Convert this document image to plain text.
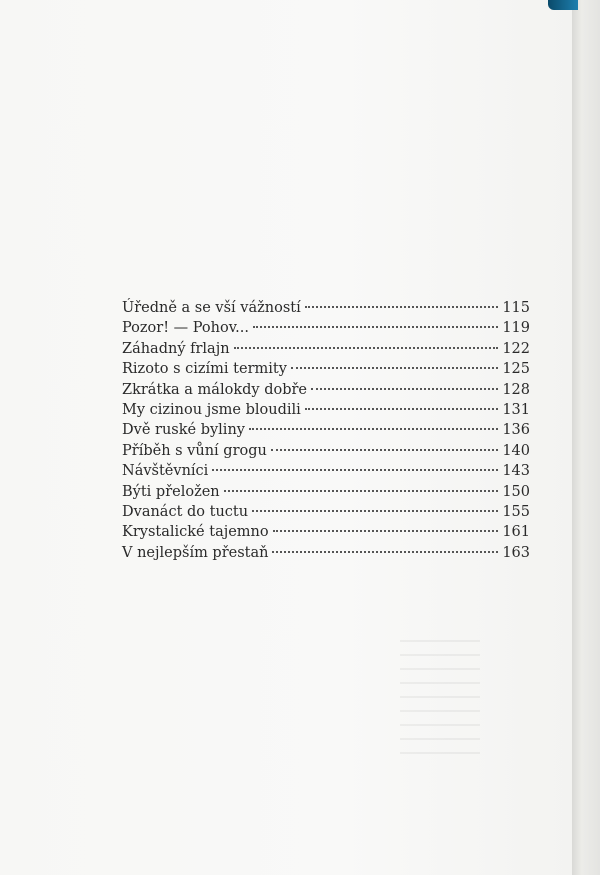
Úředně a se vší vážností	115
Pozor! — Pohov...	119
Záhadný frlajn	122
Rizoto s cizími termity	125
Zkrátka a málokdy dobře	128
My cizinou jsme bloudili	131
Dvě ruské byliny	136
Příběh s vůní grogu	140
Návštěvníci	143
Býti přeložen	150
Dvanáct do tuctu	155
Krystalické tajemno	161
V nejlepším přestaň	163
